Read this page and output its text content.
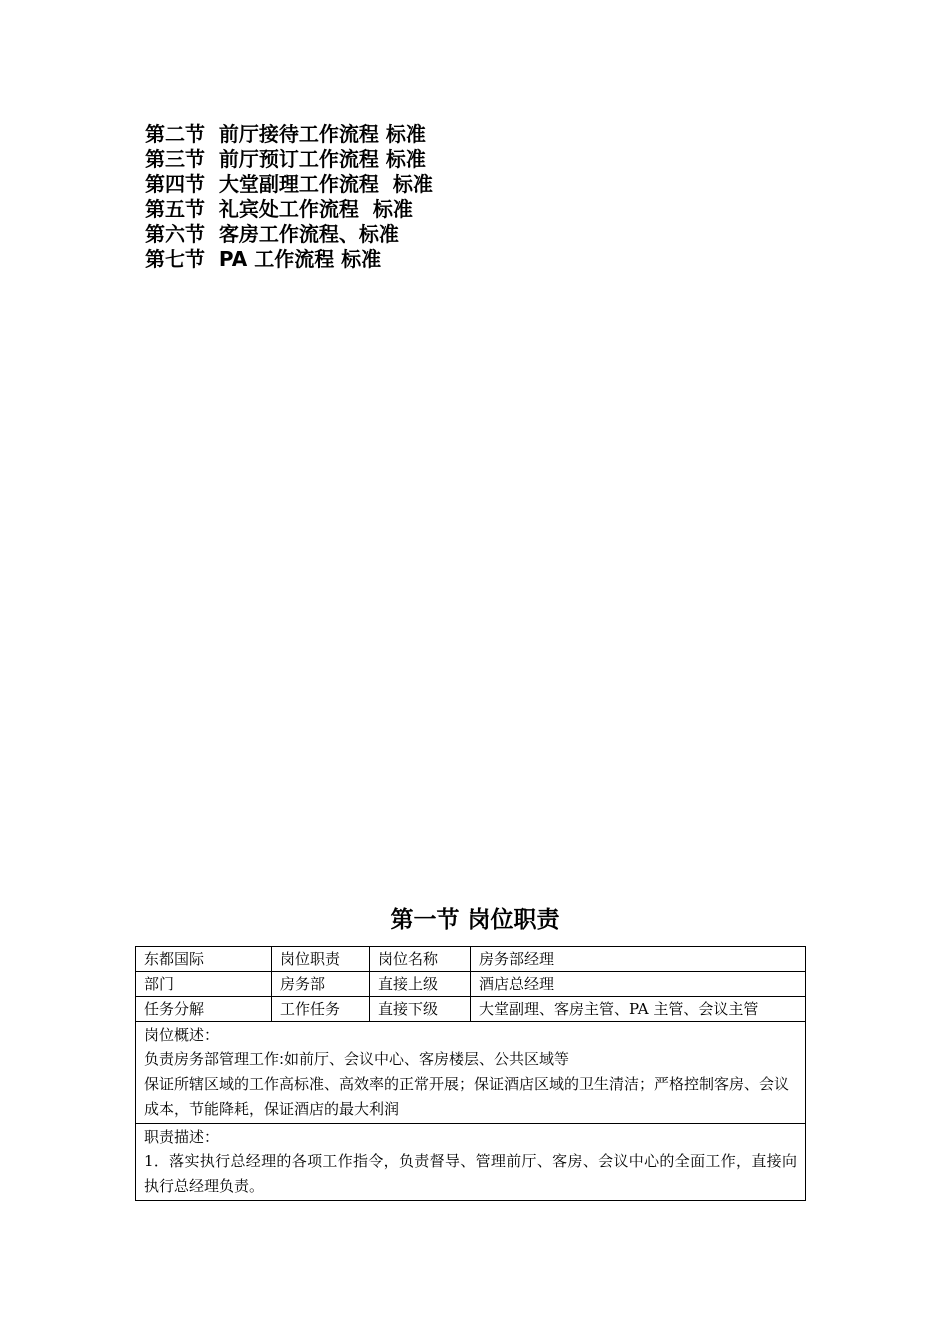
第二节  前厅接待工作流程 标准
第三节  前厅预订工作流程 标准
第四节  大堂副理工作流程  标准
第五节  礼宾处工作流程  标准
第六节  客房工作流程、标准
第七节  PA 工作流程 标准
第一节 岗位职责
东都国际	岗位职责	岗位名称	房务部经理
部门	房务部	直接上级	酒店总经理
任务分解	工作任务	直接下级	大堂副理、客房主管、PA 主管、会议主管

岗位概述：
负责房务部管理工作:如前厅、会议中心、客房楼层、公共区域等
保证所辖区域的工作高标准、高效率的正常开展；保证酒店区域的卫生清洁；严格控制客房、会议成本，节能降耗，保证酒店的最大利润			

职责描述：
1．落实执行总经理的各项工作指令，负责督导、管理前厅、客房、会议中心的全面工作，直接向执行总经理负责。			
